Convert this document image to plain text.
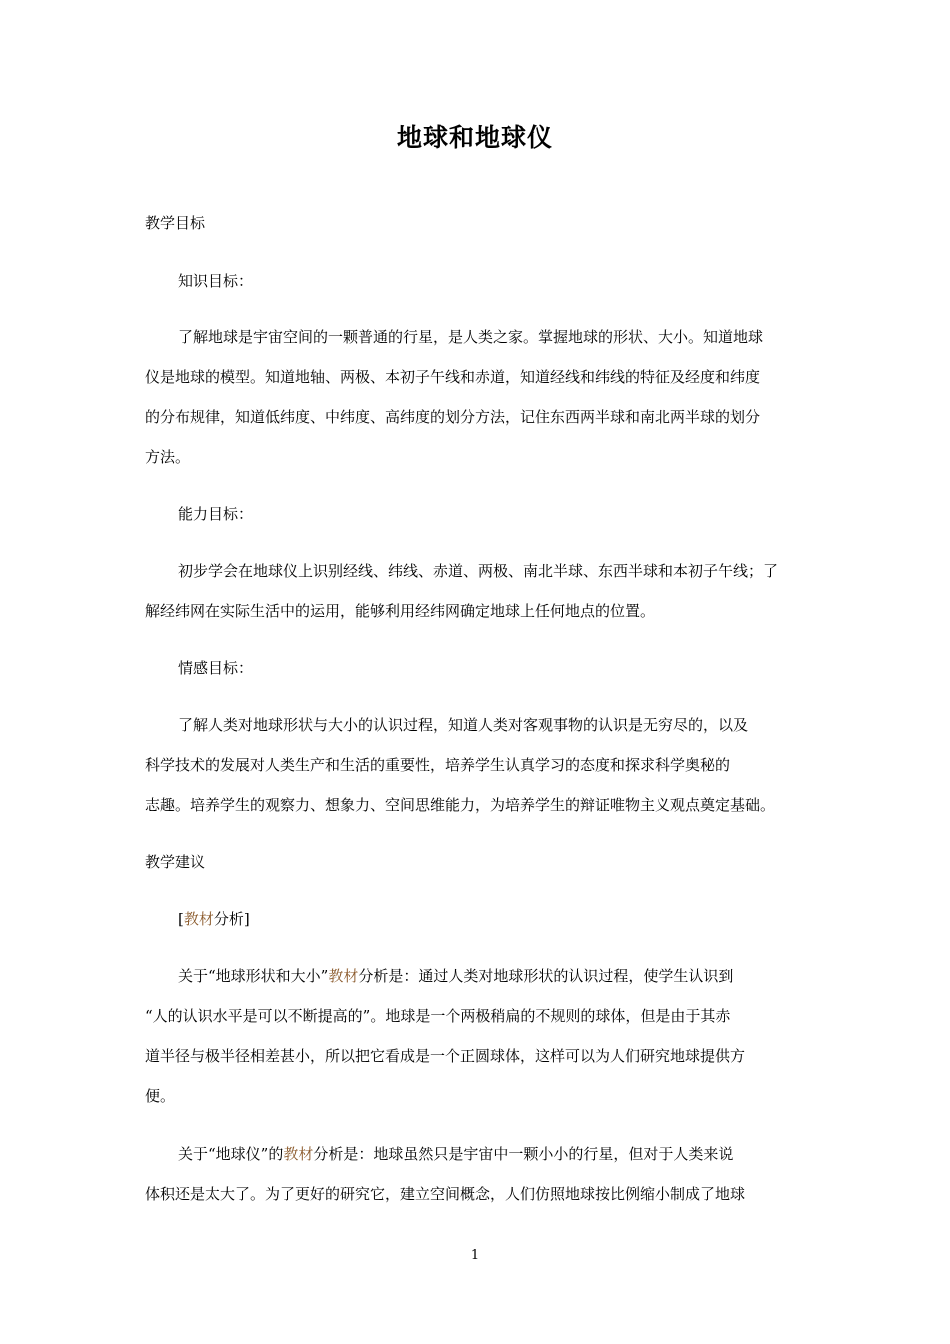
地球和地球仪
教学目标
知识目标：
了解地球是宇宙空间的一颗普通的行星，是人类之家。掌握地球的形状、大小。知道地球
仪是地球的模型。知道地轴、两极、本初子午线和赤道，知道经线和纬线的特征及经度和纬度
的分布规律，知道低纬度、中纬度、高纬度的划分方法，记住东西两半球和南北两半球的划分
方法。
能力目标：
初步学会在地球仪上识别经线、纬线、赤道、两极、南北半球、东西半球和本初子午线；了
解经纬网在实际生活中的运用，能够利用经纬网确定地球上任何地点的位置。
情感目标：
了解人类对地球形状与大小的认识过程，知道人类对客观事物的认识是无穷尽的，以及
科学技术的发展对人类生产和生活的重要性，培养学生认真学习的态度和探求科学奥秘的
志趣。培养学生的观察力、想象力、空间思维能力，为培养学生的辩证唯物主义观点奠定基础。
教学建议
[教材分析]
关于“地球形状和大小”教材分析是：通过人类对地球形状的认识过程，使学生认识到
“人的认识水平是可以不断提高的”。地球是一个两极稍扁的不规则的球体，但是由于其赤
道半径与极半径相差甚小，所以把它看成是一个正圆球体，这样可以为人们研究地球提供方
便。
关于“地球仪”的教材分析是：地球虽然只是宇宙中一颗小小的行星，但对于人类来说
体积还是太大了。为了更好的研究它，建立空间概念，人们仿照地球按比例缩小制成了地球
1
